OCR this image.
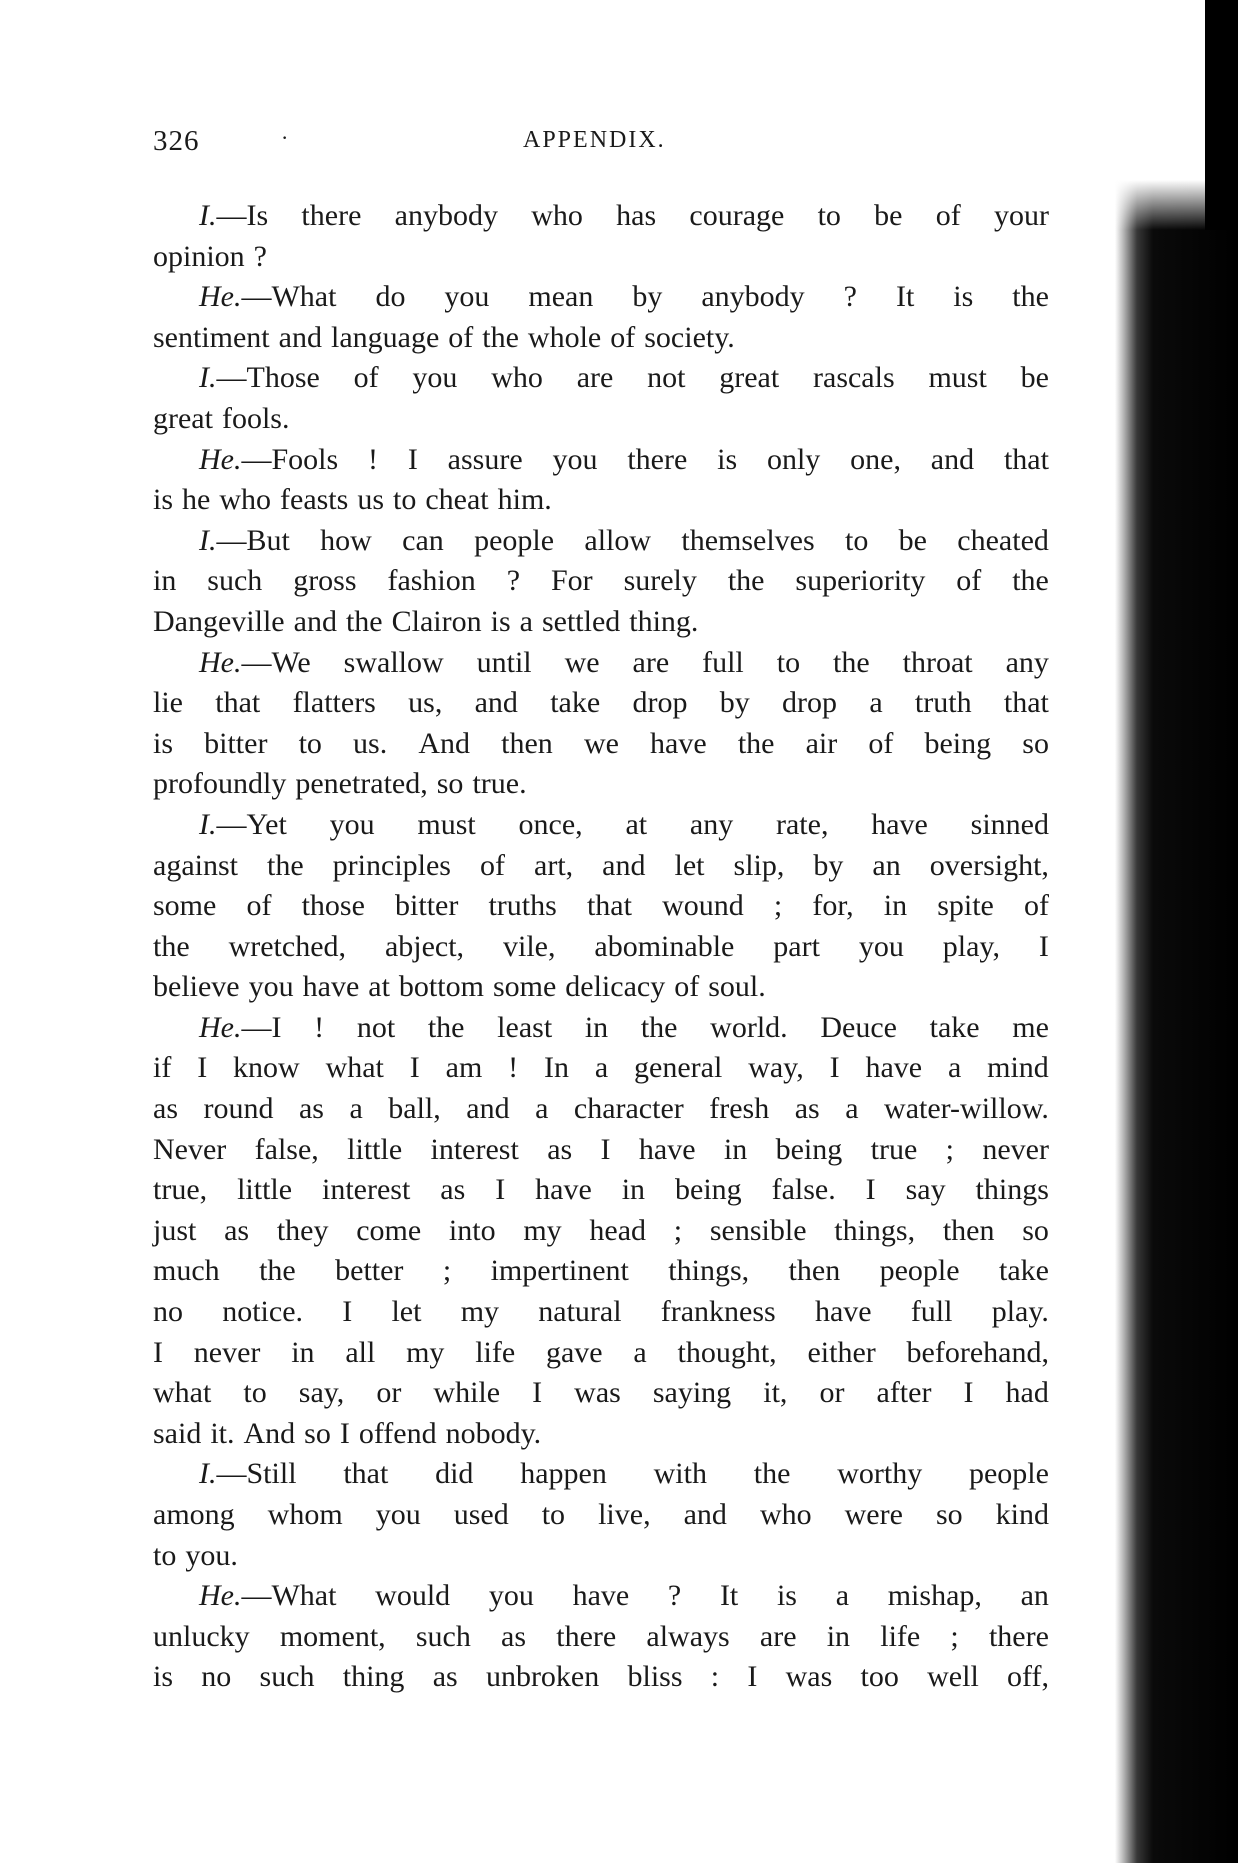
326	·	APPENDIX.
I.—Is there anybody who has courage to be of your
opinion ?
He.—What do you mean by anybody ? It is the
sentiment and language of the whole of society.
I.—Those of you who are not great rascals must be
great fools.
He.—Fools ! I assure you there is only one, and that
is he who feasts us to cheat him.
I.—But how can people allow themselves to be cheated
in such gross fashion ? For surely the superiority of the
Dangeville and the Clairon is a settled thing.
He.—We swallow until we are full to the throat any
lie that flatters us, and take drop by drop a truth that
is bitter to us. And then we have the air of being so
profoundly penetrated, so true.
I.—Yet you must once, at any rate, have sinned
against the principles of art, and let slip, by an oversight,
some of those bitter truths that wound ; for, in spite of
the wretched, abject, vile, abominable part you play, I
believe you have at bottom some delicacy of soul.
He.—I ! not the least in the world. Deuce take me
if I know what I am ! In a general way, I have a mind
as round as a ball, and a character fresh as a water-willow.
Never false, little interest as I have in being true ; never
true, little interest as I have in being false. I say things
just as they come into my head ; sensible things, then so
much the better ; impertinent things, then people take
no notice. I let my natural frankness have full play.
I never in all my life gave a thought, either beforehand,
what to say, or while I was saying it, or after I had
said it. And so I offend nobody.
I.—Still that did happen with the worthy people
among whom you used to live, and who were so kind
to you.
He.—What would you have ? It is a mishap, an
unlucky moment, such as there always are in life ; there
is no such thing as unbroken bliss : I was too well off,
